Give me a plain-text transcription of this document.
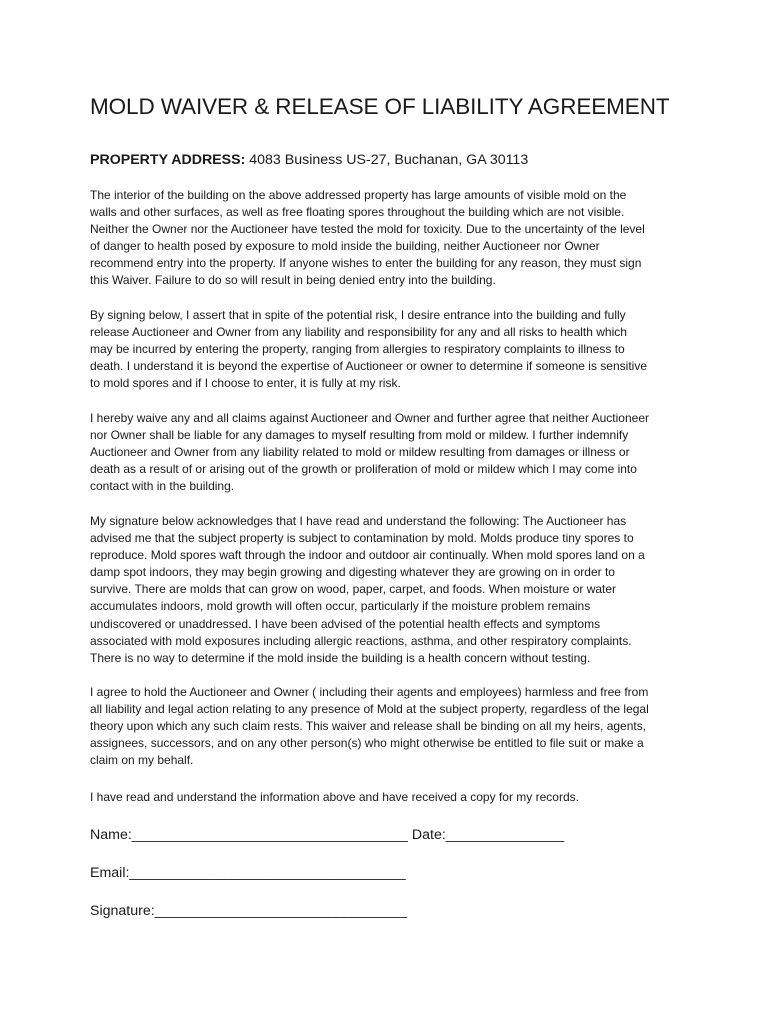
MOLD WAIVER & RELEASE OF LIABILITY AGREEMENT

PROPERTY ADDRESS: 4083 Business US-27, Buchanan, GA 30113

The interior of the building on the above addressed property has large amounts of visible mold on the
walls and other surfaces, as well as free floating spores throughout the building which are not visible.
Neither the Owner nor the Auctioneer have tested the mold for toxicity. Due to the uncertainty of the level
of danger to health posed by exposure to mold inside the building, neither Auctioneer nor Owner
recommend entry into the property. If anyone wishes to enter the building for any reason, they must sign
this Waiver. Failure to do so will result in being denied entry into the building.

By signing below, I assert that in spite of the potential risk, I desire entrance into the building and fully
release Auctioneer and Owner from any liability and responsibility for any and all risks to health which
may be incurred by entering the property, ranging from allergies to respiratory complaints to illness to
death. I understand it is beyond the expertise of Auctioneer or owner to determine if someone is sensitive
to mold spores and if I choose to enter, it is fully at my risk.

I hereby waive any and all claims against Auctioneer and Owner and further agree that neither Auctioneer
nor Owner shall be liable for any damages to myself resulting from mold or mildew. I further indemnify
Auctioneer and Owner from any liability related to mold or mildew resulting from damages or illness or
death as a result of or arising out of the growth or proliferation of mold or mildew which I may come into
contact with in the building.

My signature below acknowledges that I have read and understand the following: The Auctioneer has
advised me that the subject property is subject to contamination by mold. Molds produce tiny spores to
reproduce. Mold spores waft through the indoor and outdoor air continually. When mold spores land on a
damp spot indoors, they may begin growing and digesting whatever they are growing on in order to
survive. There are molds that can grow on wood, paper, carpet, and foods. When moisture or water
accumulates indoors, mold growth will often occur, particularly if the moisture problem remains
undiscovered or unaddressed. I have been advised of the potential health effects and symptoms
associated with mold exposures including allergic reactions, asthma, and other respiratory complaints.
There is no way to determine if the mold inside the building is a health concern without testing.

I agree to hold the Auctioneer and Owner ( including their agents and employees) harmless and free from
all liability and legal action relating to any presence of Mold at the subject property, regardless of the legal
theory upon which any such claim rests. This waiver and release shall be binding on all my heirs, agents,
assignees, successors, and on any other person(s) who might otherwise be entitled to file suit or make a
claim on my behalf.

I have read and understand the information above and have received a copy for my records.

Name:___________________________________ Date:_______________

Email:___________________________________

Signature:________________________________
